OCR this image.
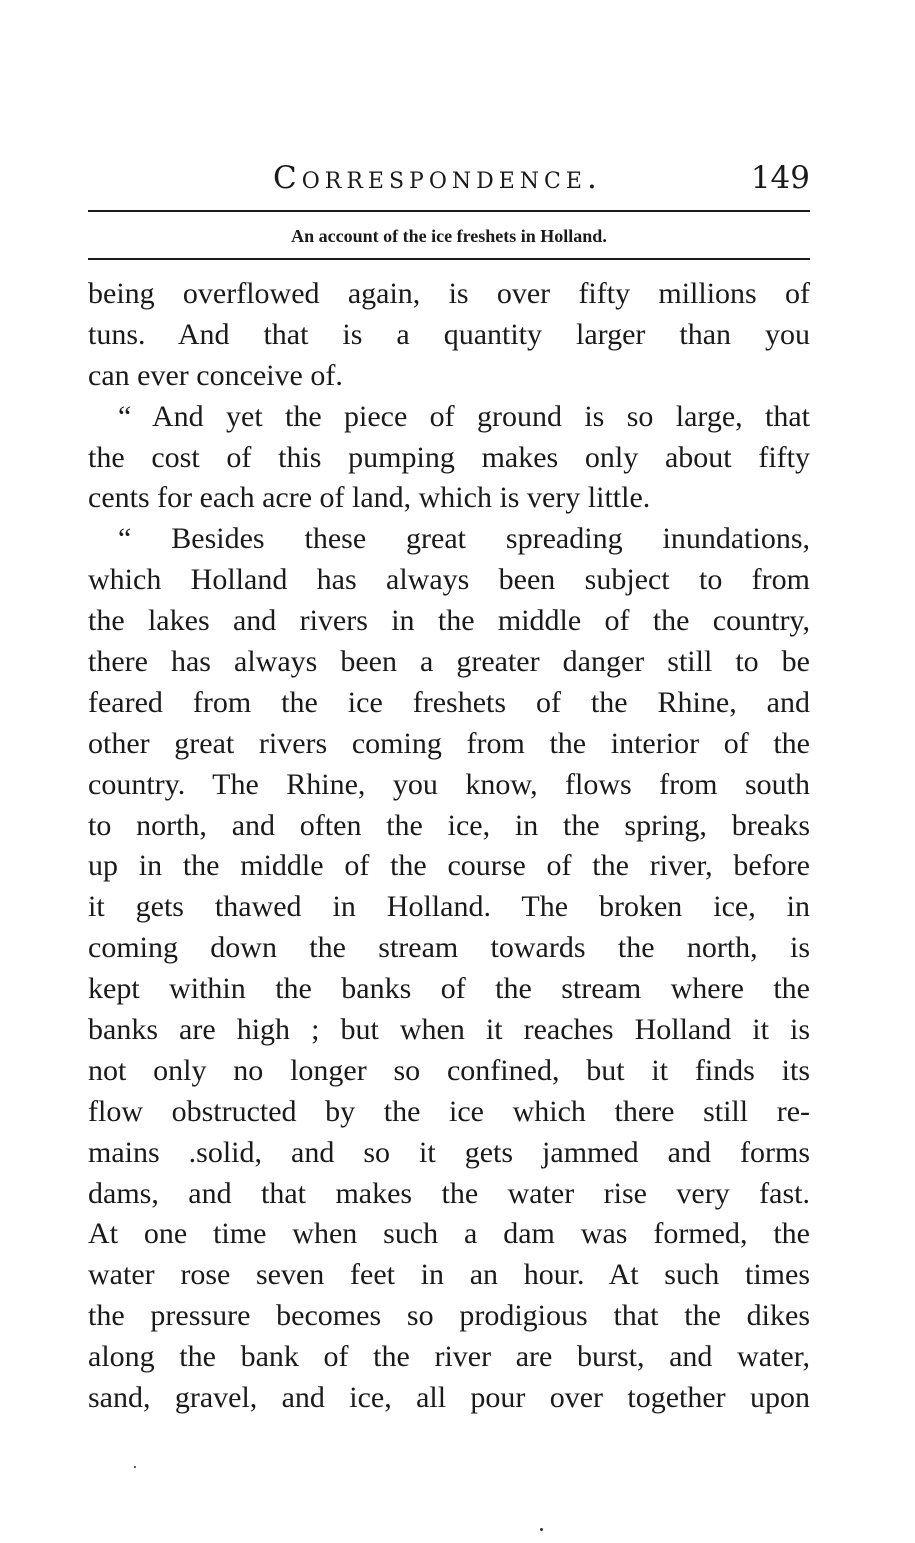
Correspondence.	149
An account of the ice freshets in Holland.
being overflowed again, is over fifty millions of
tuns. And that is a quantity larger than you
can ever conceive of.
“ And yet the piece of ground is so large, that
the cost of this pumping makes only about fifty
cents for each acre of land, which is very little.
“ Besides these great spreading inundations,
which Holland has always been subject to from
the lakes and rivers in the middle of the country,
there has always been a greater danger still to be
feared from the ice freshets of the Rhine, and
other great rivers coming from the interior of the
country. The Rhine, you know, flows from south
to north, and often the ice, in the spring, breaks
up in the middle of the course of the river, before
it gets thawed in Holland. The broken ice, in
coming down the stream towards the north, is
kept within the banks of the stream where the
banks are high ; but when it reaches Holland it is
not only no longer so confined, but it finds its
flow obstructed by the ice which there still re-
mains .solid, and so it gets jammed and forms
dams, and that makes the water rise very fast.
At one time when such a dam was formed, the
water rose seven feet in an hour. At such times
the pressure becomes so prodigious that the dikes
along the bank of the river are burst, and water,
sand, gravel, and ice, all pour over together upon
